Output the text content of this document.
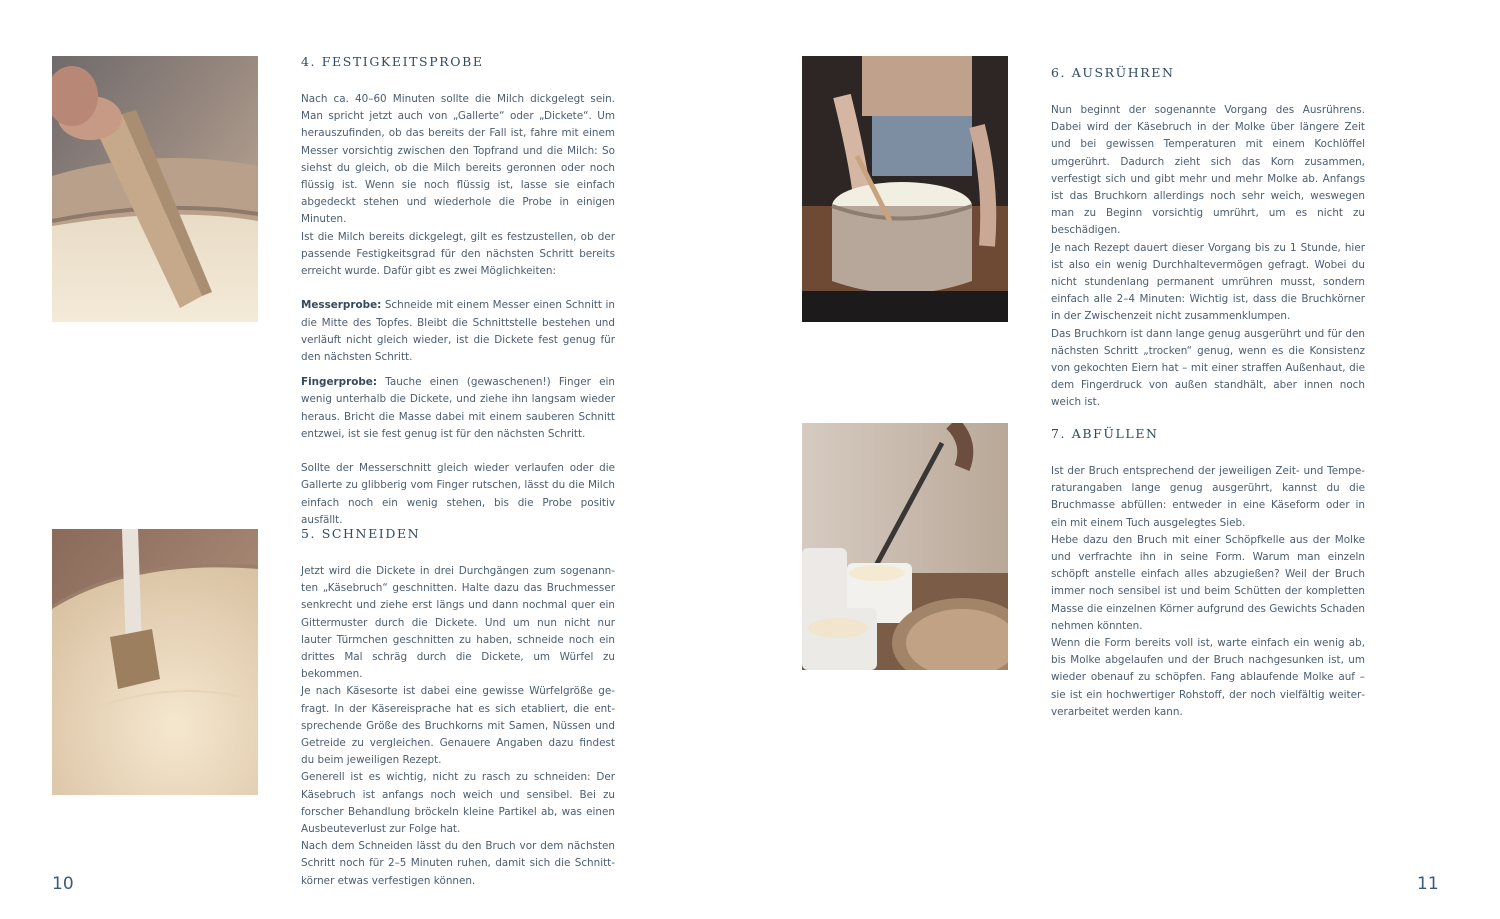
4. FESTIGKEITSPROBE

Nach ca. 40–60 Minuten sollte die Milch dickgelegt sein. Man spricht jetzt auch von „Gallerte“ oder „Dickete“. Um herauszufinden, ob das bereits der Fall ist, fahre mit einem Messer vorsichtig zwischen den Topfrand und die Milch: So siehst du gleich, ob die Milch bereits geronnen oder noch flüssig ist. Wenn sie noch flüssig ist, lasse sie einfach abgedeckt stehen und wiederhole die Probe in einigen Minuten.

Ist die Milch bereits dickgelegt, gilt es festzustellen, ob der passende Festigkeitsgrad für den nächsten Schritt bereits erreicht wurde. Dafür gibt es zwei Möglichkeiten:

Messerprobe: Schneide mit einem Messer einen Schnitt in die Mitte des Topfes. Bleibt die Schnittstelle bestehen und verläuft nicht gleich wieder, ist die Dickete fest genug für den nächsten Schritt.

Fingerprobe: Tauche einen (gewaschenen!) Finger ein wenig unterhalb die Dickete, und ziehe ihn langsam wieder heraus. Bricht die Masse dabei mit einem sauberen Schnitt entzwei, ist sie fest genug ist für den nächsten Schritt.

Sollte der Messerschnitt gleich wieder verlaufen oder die Gallerte zu glibberig vom Finger rutschen, lässt du die Milch einfach noch ein wenig stehen, bis die Probe positiv ausfällt.

5. SCHNEIDEN

Jetzt wird die Dickete in drei Durchgängen zum sogenannten „Käsebruch“ geschnitten. Halte dazu das Bruchmesser senkrecht und ziehe erst längs und dann nochmal quer ein Gittermuster durch die Dickete. Und um nun nicht nur lauter Türmchen geschnitten zu haben, schneide noch ein drittes Mal schräg durch die Dickete, um Würfel zu bekommen.

Je nach Käsesorte ist dabei eine gewisse Würfelgröße gefragt. In der Käsereisprache hat es sich etabliert, die entsprechende Größe des Bruchkorns mit Samen, Nüssen und Getreide zu vergleichen. Genauere Angaben dazu findest du beim jeweiligen Rezept.

Generell ist es wichtig, nicht zu rasch zu schneiden: Der Käsebruch ist anfangs noch weich und sensibel. Bei zu forscher Behandlung bröckeln kleine Partikel ab, was einen Ausbeuteverlust zur Folge hat.

Nach dem Schneiden lässt du den Bruch vor dem nächsten Schritt noch für 2–5 Minuten ruhen, damit sich die Schnittkörner etwas verfestigen können.

6. AUSRÜHREN

Nun beginnt der sogenannte Vorgang des Ausrührens. Dabei wird der Käsebruch in der Molke über längere Zeit und bei gewissen Temperaturen mit einem Kochlöffel umgerührt. Dadurch zieht sich das Korn zusammen, verfestigt sich und gibt mehr und mehr Molke ab. Anfangs ist das Bruchkorn allerdings noch sehr weich, weswegen man zu Beginn vorsichtig umrührt, um es nicht zu beschädigen.

Je nach Rezept dauert dieser Vorgang bis zu 1 Stunde, hier ist also ein wenig Durchhaltevermögen gefragt. Wobei du nicht stundenlang permanent umrühren musst, sondern einfach alle 2–4 Minuten: Wichtig ist, dass die Bruchkörner in der Zwischenzeit nicht zusammenklumpen.

Das Bruchkorn ist dann lange genug ausgerührt und für den nächsten Schritt „trocken“ genug, wenn es die Konsistenz von gekochten Eiern hat – mit einer straffen Außenhaut, die dem Fingerdruck von außen standhält, aber innen noch weich ist.

7. ABFÜLLEN

Ist der Bruch entsprechend der jeweiligen Zeit- und Temperaturangaben lange genug ausgerührt, kannst du die Bruchmasse abfüllen: entweder in eine Käseform oder in ein mit einem Tuch ausgelegtes Sieb.

Hebe dazu den Bruch mit einer Schöpfkelle aus der Molke und verfrachte ihn in seine Form. Warum man einzeln schöpft anstelle einfach alles abzugießen? Weil der Bruch immer noch sensibel ist und beim Schütten der kompletten Masse die einzelnen Körner aufgrund des Gewichts Schaden nehmen könnten.

Wenn die Form bereits voll ist, warte einfach ein wenig ab, bis Molke abgelaufen und der Bruch nachgesunken ist, um wieder obenauf zu schöpfen. Fang ablaufende Molke auf – sie ist ein hochwertiger Rohstoff, der noch vielfältig weiterverarbeitet werden kann.

10	11
